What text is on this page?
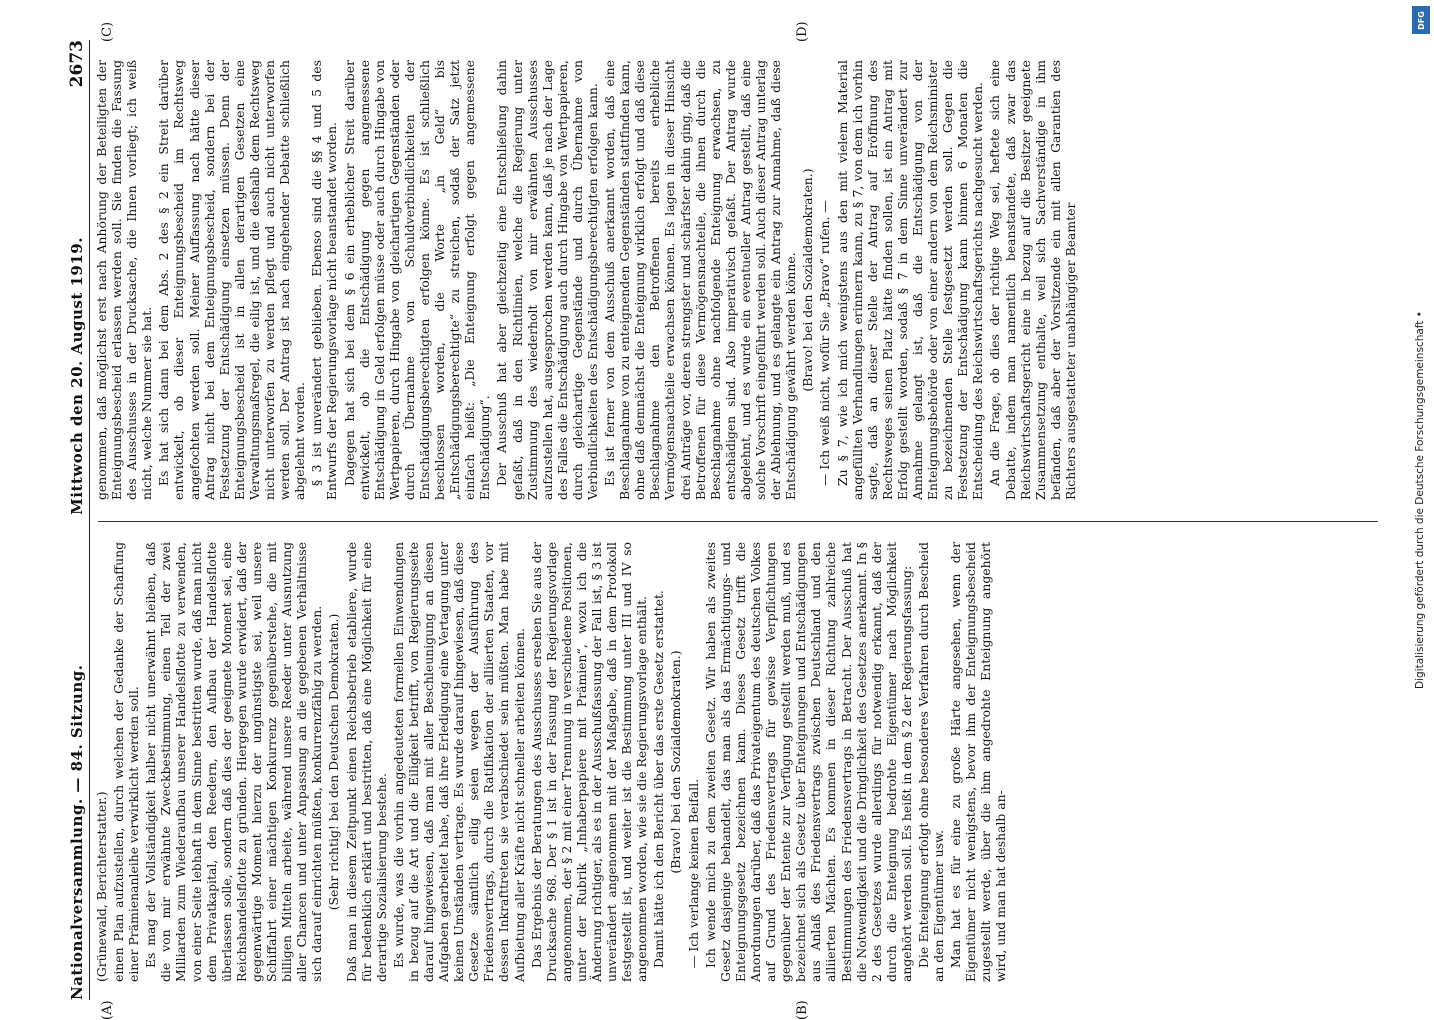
Nationalversammlung. — 84. Sitzung.
Mittwoch den 20. August 1919.
2673

(Grünewald, Berichterstatter.) einen Plan aufzustellen, durch welchen der Gedanke der Schaffung einer Prämienanleihe verwirklicht werden soll. Es mag der Vollständigkeit halber nicht unerwähnt bleiben, daß die von mir erwähnte Zweckbestimmung, einen Teil der zwei Milliarden zum Wiederaufbau unserer Handelsflotte zu verwenden, von einer Seite lebhaft in dem Sinne bestritten wurde, daß man nicht dem Privatkapital, den Reedern, den Aufbau der Handelsflotte überlassen solle, sondern daß dies der geeignete Moment sei, eine Reichshandelsflotte zu gründen. Hiergegen wurde erwidert, daß der gegenwärtige Moment hierzu der ungünstigste sei, weil unsere Schiffahrt einer mächtigen Konkurrenz gegenüberstehe, die mit billigen Mitteln arbeite, während unsere Reeder unter Ausnutzung aller Chancen und unter Anpassung an die gegebenen Verhältnisse sich darauf einrichten müßten, konkurrenzfähig zu werden. (Sehr richtig! bei den Deutschen Demokraten.) Daß man in diesem Zeitpunkt einen Reichsbetrieb etabliere, wurde für bedenklich erklärt und bestritten, daß eine Möglichkeit für eine derartige Sozialisierung bestehe. Es wurde, was die vorhin angedeuteten formellen Einwendungen in bezug auf die Art und die Eiligkeit betrifft, von Regierungsseite darauf hingewiesen, daß man mit aller Beschleunigung an diesen Aufgaben gearbeitet habe, daß ihre Erledigung eine Vertagung unter keinen Umständen vertrage. Es wurde darauf hingewiesen, daß diese Gesetze sämtlich eilig seien wegen der Ausführung des Friedensvertrags, durch die Ratifikation der alliierten Staaten, vor dessen Inkrafttreten sie verabschiedet sein müßten. Man habe mit Aufbietung aller Kräfte nicht schneller arbeiten können. Das Ergebnis der Beratungen des Ausschusses ersehen Sie aus der Drucksache 968. Der § 1 ist in der Fassung der Regierungsvorlage angenommen, der § 2 mit einer Trennung in verschiedene Positionen, unter der Rubrik „Inhaberpapiere mit Prämien“, wozu ich die Änderung richtiger, als es in der Ausschußfassung der Fall ist, § 3 ist unverändert angenommen mit der Maßgabe, daß in dem Protokoll festgestellt ist, und weiter ist die Bestimmung unter III und IV so angenommen worden, wie sie die Regierungsvorlage enthält. Damit hätte ich den Bericht über das erste Gesetz erstattet. (Bravo! bei den Sozialdemokraten.) — Ich verlange keinen Beifall. Ich wende mich zu dem zweiten Gesetz. Wir haben als zweites Gesetz dasjenige behandelt, das man als das Ermächtigungs- und Enteignungsgesetz bezeichnen kann. Dieses Gesetz trifft die Anordnungen darüber, daß das Privateigentum des deutschen Volkes auf Grund des Friedensvertrags für gewisse Verpflichtungen gegenüber der Entente zur Verfügung gestellt werden muß, und es bezeichnet sich als Gesetz über Enteignungen und Entschädigungen aus Anlaß des Friedensvertrags zwischen Deutschland und den alliierten Mächten. Es kommen in dieser Richtung zahlreiche Bestimmungen des Friedensvertrags in Betracht. Der Ausschuß hat die Notwendigkeit und die Dringlichkeit des Gesetzes anerkannt. In § 2 des Gesetzes wurde allerdings für notwendig erkannt, daß der durch die Enteignung bedrohte Eigentümer nach Möglichkeit angehört werden soll. Es heißt in dem § 2 der Regierungsfassung: Die Enteignung erfolgt ohne besonderes Verfahren durch Bescheid an den Eigentümer usw. Man hat es für eine zu große Härte angesehen, wenn der Eigentümer nicht wenigstens, bevor ihm der Enteignungsbescheid zugestellt werde, über die ihm angedrohte Enteignung angehört wird, und man hat deshalb an-

genommen, daß möglichst erst nach Anhörung der Beteiligten der Enteignungsbescheid erlassen werden soll. Sie finden die Fassung des Ausschusses in der Drucksache, die Ihnen vorliegt; ich weiß nicht, welche Nummer sie hat. Es hat sich dann bei dem Abs. 2 des § 2 ein Streit darüber entwickelt, ob dieser Enteignungsbescheid im Rechtsweg angefochten werden soll. Meiner Auffassung nach hätte dieser Antrag nicht bei dem Enteignungsbescheid, sondern bei der Festsetzung der Entschädigung einsetzen müssen. Denn der Enteignungsbescheid ist in allen derartigen Gesetzen eine Verwaltungsmaßregel, die eilig ist, und die deshalb dem Rechtsweg nicht unterworfen zu werden pflegt und auch nicht unterworfen werden soll. Der Antrag ist nach eingehender Debatte schließlich abgelehnt worden. § 3 ist unverändert geblieben. Ebenso sind die §§ 4 und 5 des Entwurfs der Regierungsvorlage nicht beanstandet worden. Dagegen hat sich bei dem § 6 ein erheblicher Streit darüber entwickelt, ob die Entschädigung gegen angemessene Entschädigung in Geld erfolgen müsse oder auch durch Hingabe von Wertpapieren, durch Hingabe von gleichartigen Gegenständen oder durch Übernahme von Schuldverbindlichkeiten der Entschädigungsberechtigten erfolgen könne. Es ist schließlich beschlossen worden, die Worte „in Geld“ bis „Entschädigungsberechtigte“ zu streichen, sodaß der Satz jetzt einfach heißt: „Die Enteignung erfolgt gegen angemessene Entschädigung“. Der Ausschuß hat aber gleichzeitig eine Entschließung dahin gefaßt, daß in den Richtlinien, welche die Regierung unter Zustimmung des wiederholt von mir erwähnten Ausschusses aufzustellen hat, ausgesprochen werden kann, daß je nach der Lage des Falles die Entschädigung auch durch Hingabe von Wertpapieren, durch gleichartige Gegenstände und durch Übernahme von Verbindlichkeiten des Entschädigungsberechtigten erfolgen kann. Es ist ferner von dem Ausschuß anerkannt worden, daß eine Beschlagnahme von zu enteignenden Gegenständen stattfinden kann, ohne daß demnächst die Enteignung wirklich erfolgt und daß diese Beschlagnahme den Betroffenen bereits erhebliche Vermögensnachteile erwachsen können. Es lagen in dieser Hinsicht drei Anträge vor, deren strengster und schärfster dahin ging, daß die Betroffenen für diese Vermögensnachteile, die ihnen durch die Beschlagnahme ohne nachfolgende Enteignung erwachsen, zu entschädigen sind. Also imperativisch gefaßt. Der Antrag wurde abgelehnt, und es wurde ein eventueller Antrag gestellt, daß eine solche Vorschrift eingeführt werden soll. Auch dieser Antrag unterlag der Ablehnung, und es gelangte ein Antrag zur Annahme, daß diese Entschädigung gewährt werden könne. (Bravo! bei den Sozialdemokraten.) — Ich weiß nicht, wofür Sie „Bravo“ rufen. — Zu § 7, wie ich mich wenigstens aus den mit vielem Material angefüllten Verhandlungen erinnern kann, zu § 7, von dem ich vorhin sagte, daß an dieser Stelle der Antrag auf Eröffnung des Rechtsweges seinen Platz hätte finden sollen, ist ein Antrag mit Erfolg gestellt worden, sodaß § 7 in dem Sinne unverändert zur Annahme gelangt ist, daß die Entschädigung von der Enteignungsbehörde oder von einer andern von dem Reichsminister zu bezeichnenden Stelle festgesetzt werden soll. Gegen die Festsetzung der Entschädigung kann binnen 6 Monaten die Entscheidung des Reichswirtschaftsgerichts nachgesucht werden. An die Frage, ob dies der richtige Weg sei, heftete sich eine Debatte, indem man namentlich beanstandete, daß zwar das Reichswirtschaftsgericht eine in bezug auf die Besitzer geeignete Zusammensetzung enthalte, weil sich Sachverständige in ihm befänden, daß aber der Vorsitzende ein mit allen Garantien des Richters ausgestatteter unabhängiger Beamter

(A)	(B)
(C)	(D)
Digitalisierung gefördert durch die Deutsche Forschungsgemeinschaft •
DFG
